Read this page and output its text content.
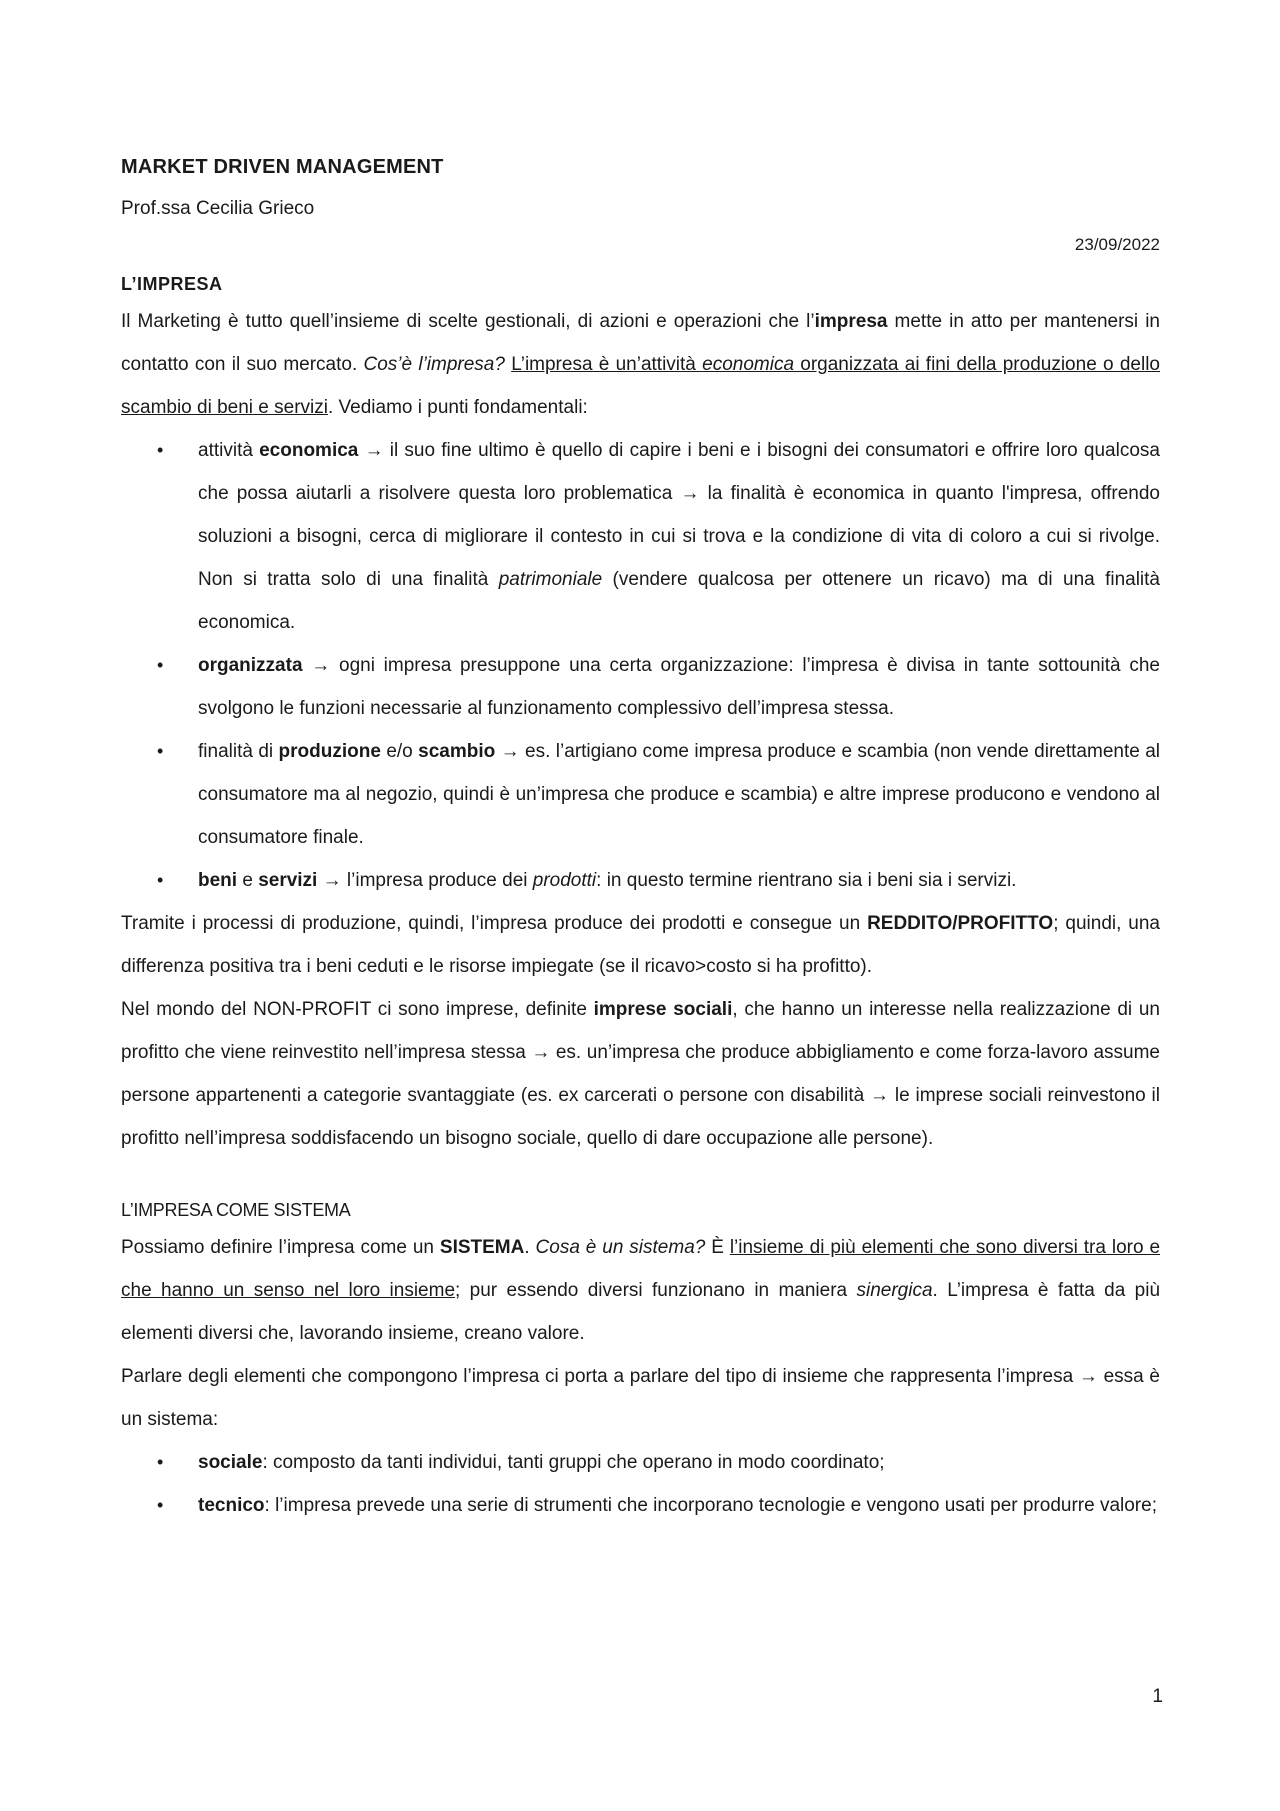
MARKET DRIVEN MANAGEMENT
Prof.ssa Cecilia Grieco
23/09/2022
L’IMPRESA

Il Marketing è tutto quell’insieme di scelte gestionali, di azioni e operazioni che l’impresa mette in atto per mantenersi in contatto con il suo mercato. Cos’è l’impresa? L’impresa è un’attività economica organizzata ai fini della produzione o dello scambio di beni e servizi. Vediamo i punti fondamentali:

• attività economica → il suo fine ultimo è quello di capire i beni e i bisogni dei consumatori e offrire loro qualcosa che possa aiutarli a risolvere questa loro problematica → la finalità è economica in quanto l'impresa, offrendo soluzioni a bisogni, cerca di migliorare il contesto in cui si trova e la condizione di vita di coloro a cui si rivolge. Non si tratta solo di una finalità patrimoniale (vendere qualcosa per ottenere un ricavo) ma di una finalità economica.
• organizzata → ogni impresa presuppone una certa organizzazione: l’impresa è divisa in tante sottounità che svolgono le funzioni necessarie al funzionamento complessivo dell’impresa stessa.
• finalità di produzione e/o scambio → es. l’artigiano come impresa produce e scambia (non vende direttamente al consumatore ma al negozio, quindi è un’impresa che produce e scambia) e altre imprese producono e vendono al consumatore finale.
• beni e servizi → l’impresa produce dei prodotti: in questo termine rientrano sia i beni sia i servizi.

Tramite i processi di produzione, quindi, l’impresa produce dei prodotti e consegue un REDDITO/PROFITTO; quindi, una differenza positiva tra i beni ceduti e le risorse impiegate (se il ricavo>costo si ha profitto).

Nel mondo del NON-PROFIT ci sono imprese, definite imprese sociali, che hanno un interesse nella realizzazione di un profitto che viene reinvestito nell’impresa stessa → es. un’impresa che produce abbigliamento e come forza-lavoro assume persone appartenenti a categorie svantaggiate (es. ex carcerati o persone con disabilità → le imprese sociali reinvestono il profitto nell’impresa soddisfacendo un bisogno sociale, quello di dare occupazione alle persone).

L’IMPRESA COME SISTEMA

Possiamo definire l’impresa come un SISTEMA. Cosa è un sistema? È l’insieme di più elementi che sono diversi tra loro e che hanno un senso nel loro insieme; pur essendo diversi funzionano in maniera sinergica. L’impresa è fatta da più elementi diversi che, lavorando insieme, creano valore.

Parlare degli elementi che compongono l’impresa ci porta a parlare del tipo di insieme che rappresenta l’impresa → essa è un sistema:

• sociale: composto da tanti individui, tanti gruppi che operano in modo coordinato;
• tecnico: l’impresa prevede una serie di strumenti che incorporano tecnologie e vengono usati per produrre valore;
1
